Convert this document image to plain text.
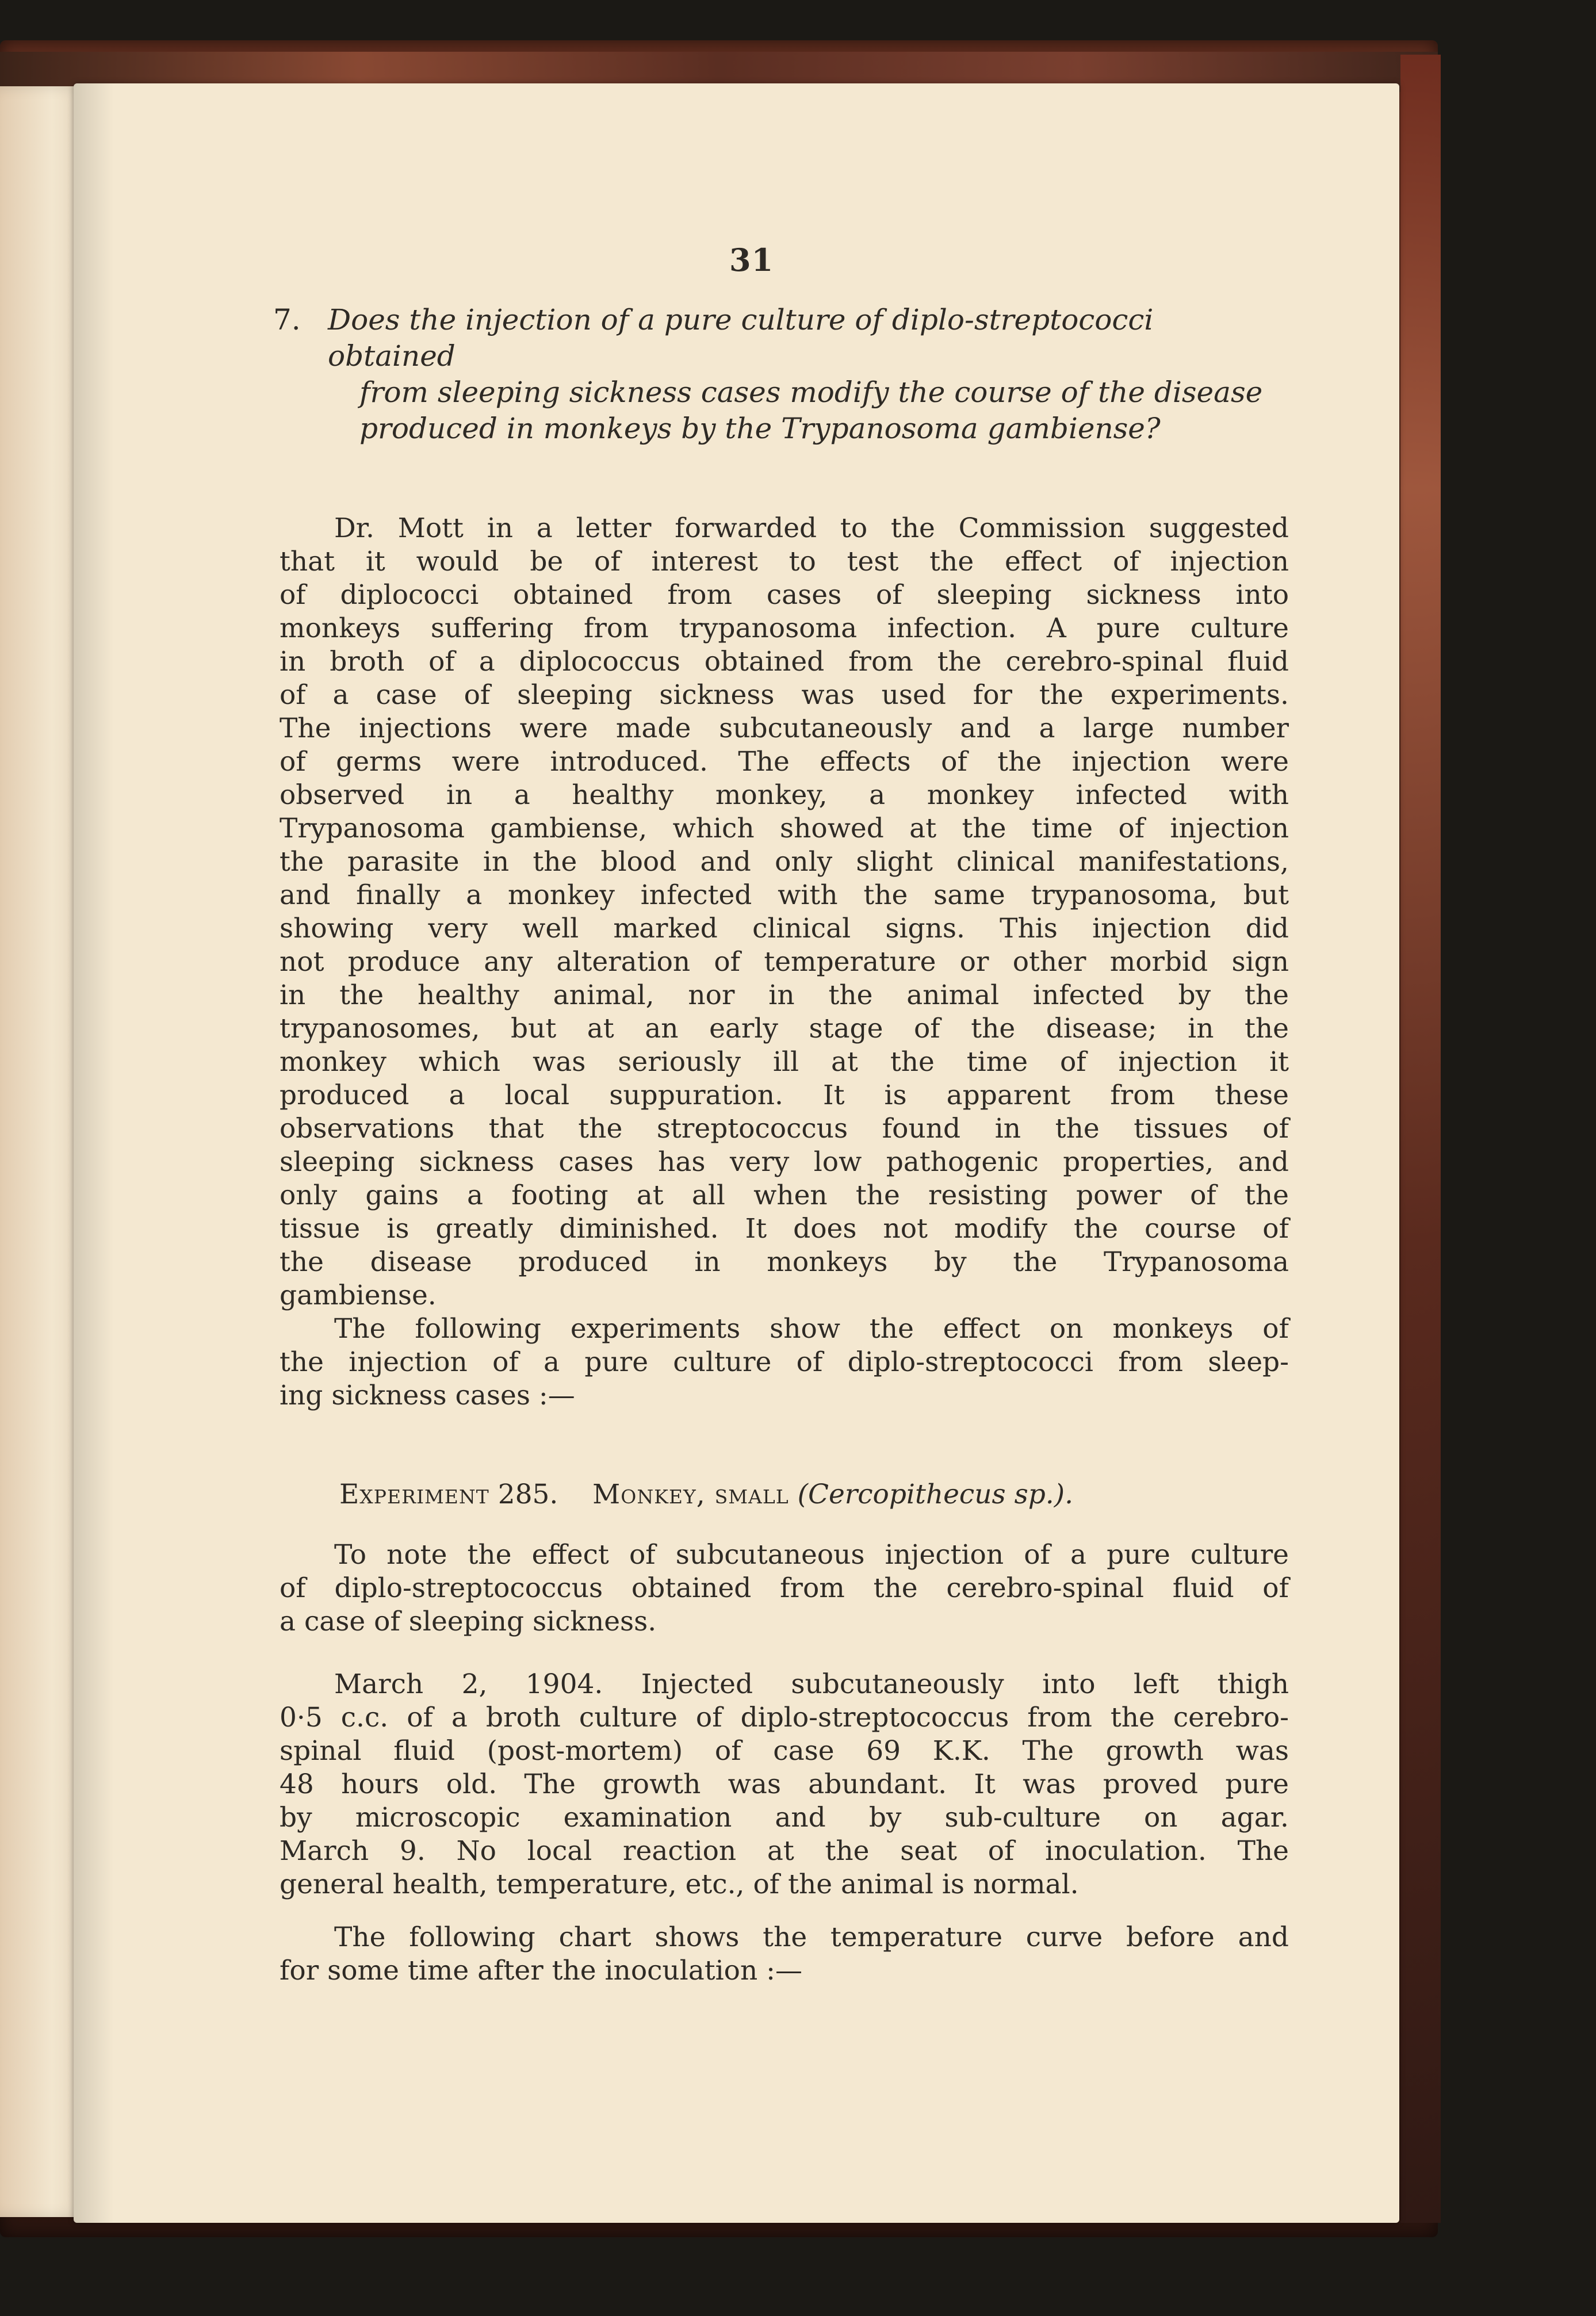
31
7. Does the injection of a pure culture of diplo-streptococci obtained
from sleeping sickness cases modify the course of the disease
produced in monkeys by the Trypanosoma gambiense?
Dr. Mott in a letter forwarded to the Commission suggested
that it would be of interest to test the effect of injection
of diplococci obtained from cases of sleeping sickness into
monkeys suffering from trypanosoma infection. A pure culture
in broth of a diplococcus obtained from the cerebro-spinal fluid
of a case of sleeping sickness was used for the experiments.
The injections were made subcutaneously and a large number
of germs were introduced. The effects of the injection were
observed in a healthy monkey, a monkey infected with
Trypanosoma gambiense, which showed at the time of injection
the parasite in the blood and only slight clinical manifestations,
and finally a monkey infected with the same trypanosoma, but
showing very well marked clinical signs. This injection did
not produce any alteration of temperature or other morbid sign
in the healthy animal, nor in the animal infected by the
trypanosomes, but at an early stage of the disease; in the
monkey which was seriously ill at the time of injection it
produced a local suppuration. It is apparent from these
observations that the streptococcus found in the tissues of
sleeping sickness cases has very low pathogenic properties, and
only gains a footing at all when the resisting power of the
tissue is greatly diminished. It does not modify the course of
the disease produced in monkeys by the Trypanosoma
gambiense.
The following experiments show the effect on monkeys of
the injection of a pure culture of diplo-streptococci from sleep-
ing sickness cases :—
Experiment 285. Monkey, small (Cercopithecus sp.).
To note the effect of subcutaneous injection of a pure culture
of diplo-streptococcus obtained from the cerebro-spinal fluid of
a case of sleeping sickness.
March 2, 1904. Injected subcutaneously into left thigh
0·5 c.c. of a broth culture of diplo-streptococcus from the cerebro-
spinal fluid (post-mortem) of case 69 K.K. The growth was
48 hours old. The growth was abundant. It was proved pure
by microscopic examination and by sub-culture on agar.
March 9. No local reaction at the seat of inoculation. The
general health, temperature, etc., of the animal is normal.
The following chart shows the temperature curve before and
for some time after the inoculation :—
